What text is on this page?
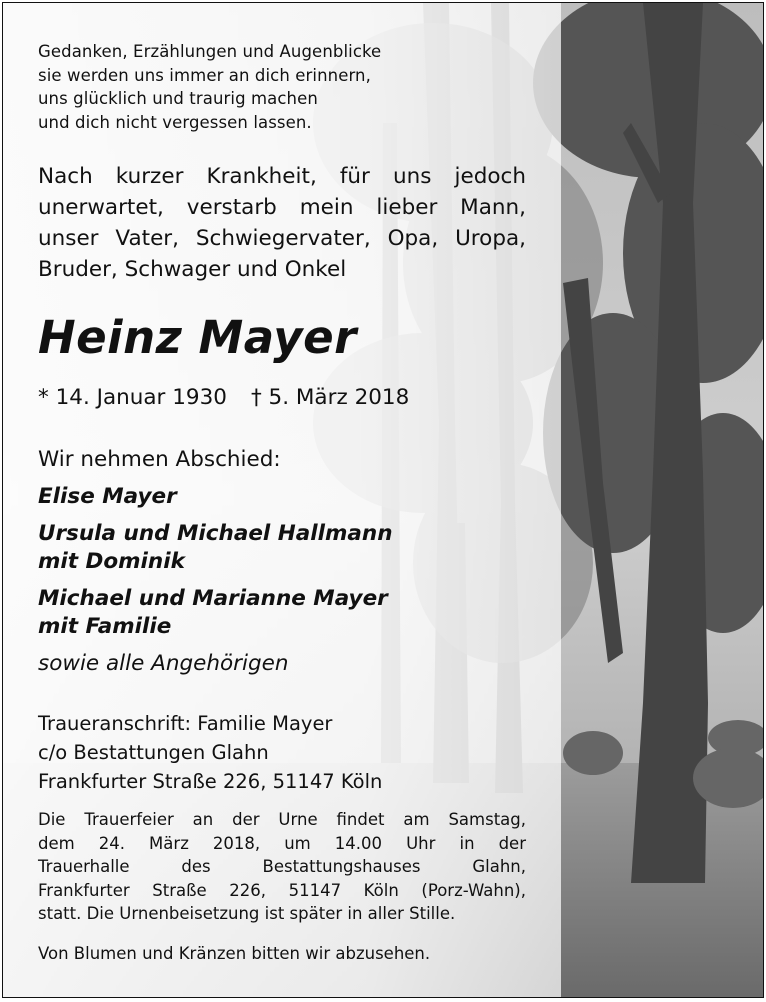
Gedanken, Erzählungen und Augenblicke
sie werden uns immer an dich erinnern,
uns glücklich und traurig machen
und dich nicht vergessen lassen.
Nach kurzer Krankheit, für uns jedoch
unerwartet, verstarb mein lieber Mann,
unser Vater, Schwiegervater, Opa, Uropa,
Bruder, Schwager und Onkel
Heinz Mayer
* 14. Januar 1930 † 5. März 2018
Wir nehmen Abschied:
Elise Mayer
Ursula und Michael Hallmann
mit Dominik
Michael und Marianne Mayer
mit Familie
sowie alle Angehörigen
Traueranschrift: Familie Mayer
c/o Bestattungen Glahn
Frankfurter Straße 226, 51147 Köln
Die Trauerfeier an der Urne findet am Samstag,
dem 24. März 2018, um 14.00 Uhr in der
Trauerhalle des Bestattungshauses Glahn,
Frankfurter Straße 226, 51147 Köln (Porz-Wahn),
statt. Die Urnenbeisetzung ist später in aller Stille.
Von Blumen und Kränzen bitten wir abzusehen.
